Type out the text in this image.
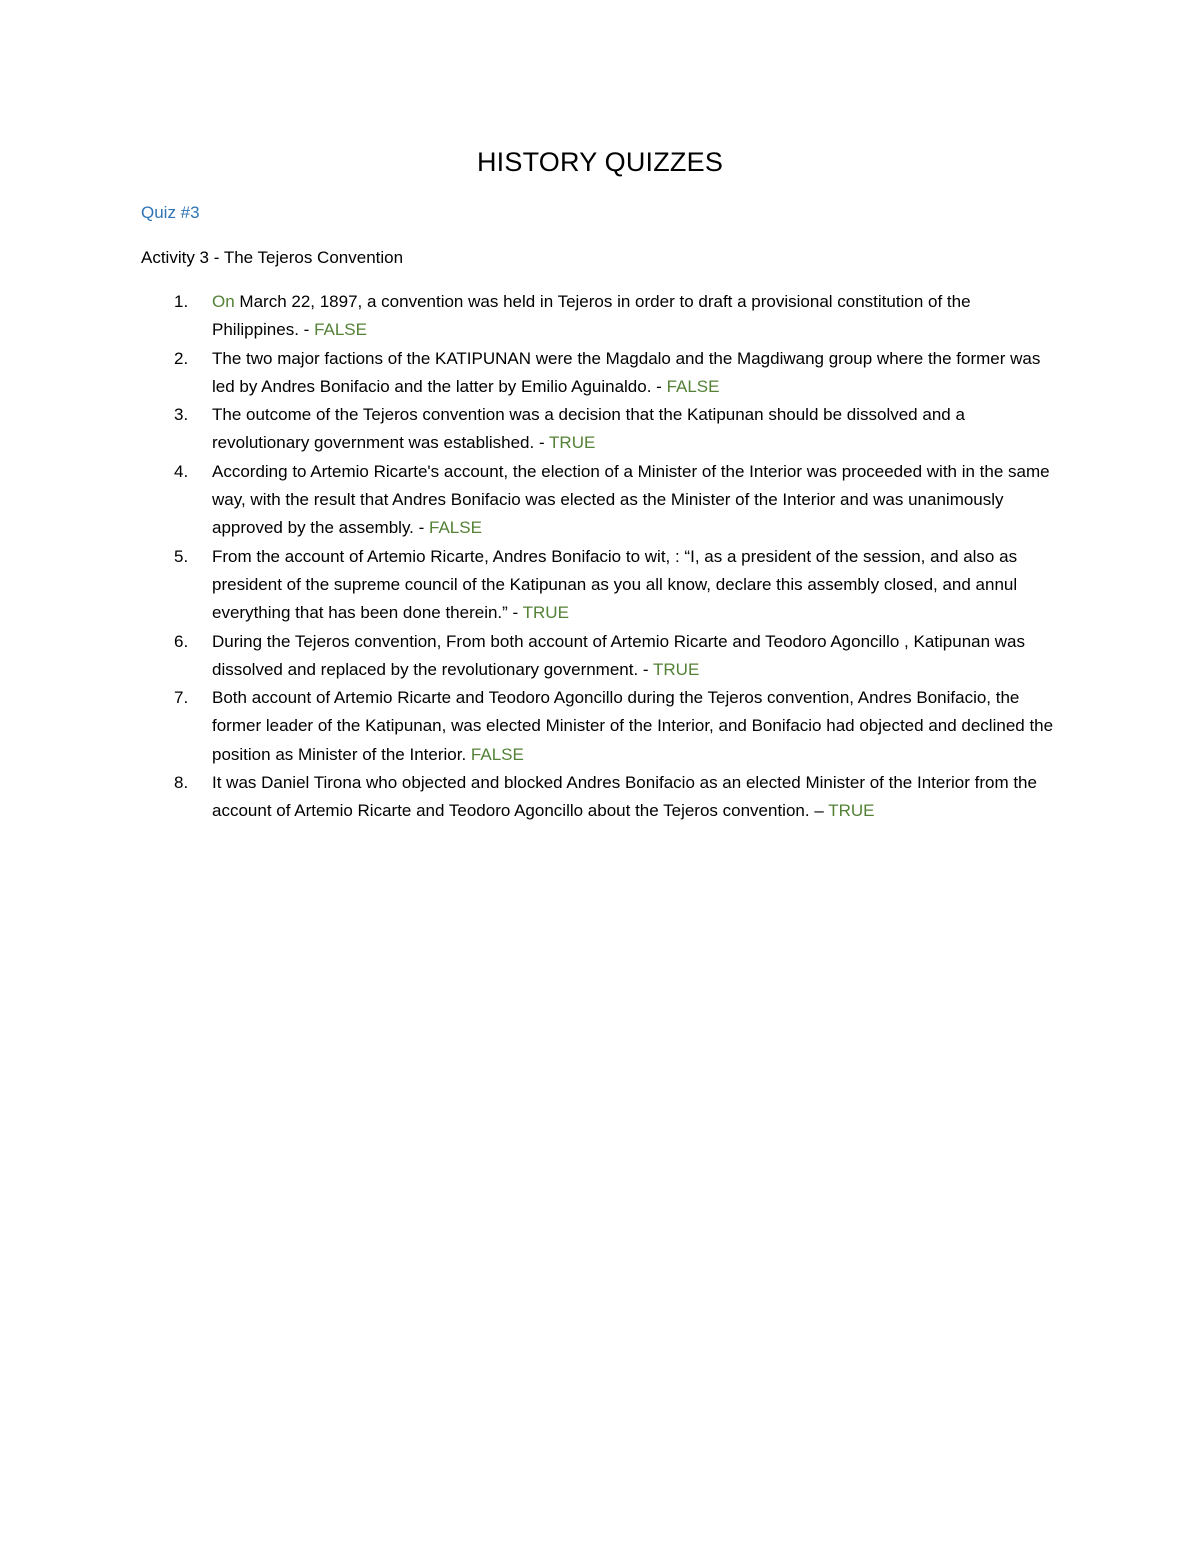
HISTORY QUIZZES
Quiz #3

Activity 3 - The Tejeros Convention

1. On March 22, 1897, a convention was held in Tejeros in order to draft a provisional constitution of the Philippines. - FALSE
2. The two major factions of the KATIPUNAN were the Magdalo and the Magdiwang group where the former was led by Andres Bonifacio and the latter by Emilio Aguinaldo. - FALSE
3. The outcome of the Tejeros convention was a decision that the Katipunan should be dissolved and a revolutionary government was established. - TRUE
4. According to Artemio Ricarte's account, the election of a Minister of the Interior was proceeded with in the same way, with the result that Andres Bonifacio was elected as the Minister of the Interior and was unanimously approved by the assembly. - FALSE
5. From the account of Artemio Ricarte, Andres Bonifacio to wit, : “I, as a president of the session, and also as president of the supreme council of the Katipunan as you all know, declare this assembly closed, and annul everything that has been done therein.” - TRUE
6. During the Tejeros convention, From both account of Artemio Ricarte and Teodoro Agoncillo , Katipunan was dissolved and replaced by the revolutionary government. - TRUE
7. Both account of Artemio Ricarte and Teodoro Agoncillo during the Tejeros convention, Andres Bonifacio, the former leader of the Katipunan, was elected Minister of the Interior, and Bonifacio had objected and declined the position as Minister of the Interior. FALSE
8. It was Daniel Tirona who objected and blocked Andres Bonifacio as an elected Minister of the Interior from the account of Artemio Ricarte and Teodoro Agoncillo about the Tejeros convention. – TRUE
